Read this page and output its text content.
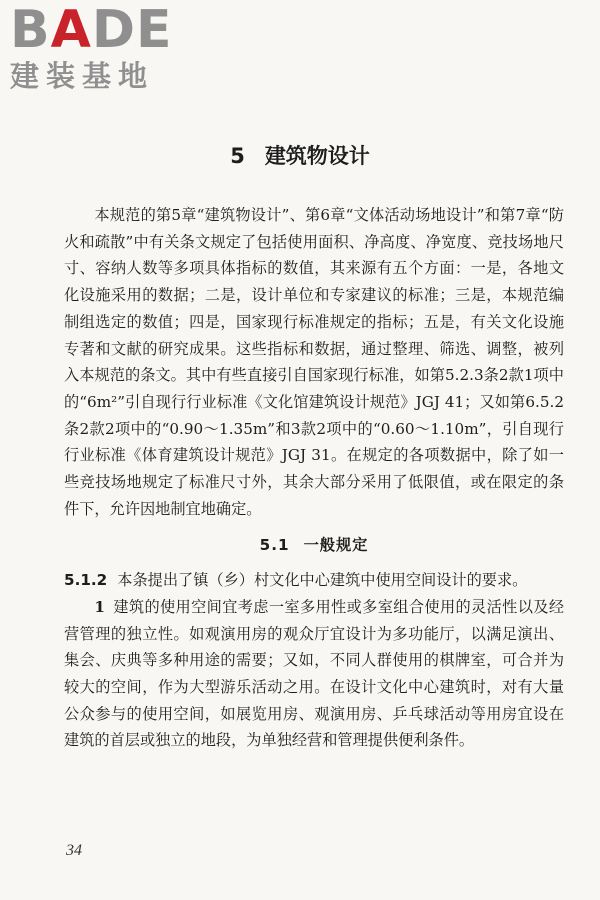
BADE
建装基地
5 建筑物设计

本规范的第5章“建筑物设计”、第6章“文体活动场地设计”和第7章“防火和疏散”中有关条文规定了包括使用面积、净高度、净宽度、竞技场地尺寸、容纳人数等多项具体指标的数值，其来源有五个方面：一是，各地文化设施采用的数据；二是，设计单位和专家建议的标准；三是，本规范编制组选定的数值；四是，国家现行标准规定的指标；五是，有关文化设施专著和文献的研究成果。这些指标和数据，通过整理、筛选、调整，被列入本规范的条文。其中有些直接引自国家现行标准，如第5.2.3条2款1项中的“6m²”引自现行行业标准《文化馆建筑设计规范》JGJ 41；又如第6.5.2条2款2项中的“0.90～1.35m”和3款2项中的“0.60～1.10m”，引自现行行业标准《体育建筑设计规范》JGJ 31。在规定的各项数据中，除了如一些竞技场地规定了标准尺寸外，其余大部分采用了低限值，或在限定的条件下，允许因地制宜地确定。

5.1 一般规定

5.1.2 本条提出了镇（乡）村文化中心建筑中使用空间设计的要求。

1 建筑的使用空间宜考虑一室多用性或多室组合使用的灵活性以及经营管理的独立性。如观演用房的观众厅宜设计为多功能厅，以满足演出、集会、庆典等多种用途的需要；又如，不同人群使用的棋牌室，可合并为较大的空间，作为大型游乐活动之用。在设计文化中心建筑时，对有大量公众参与的使用空间，如展览用房、观演用房、乒乓球活动等用房宜设在建筑的首层或独立的地段，为单独经营和管理提供便利条件。

34
